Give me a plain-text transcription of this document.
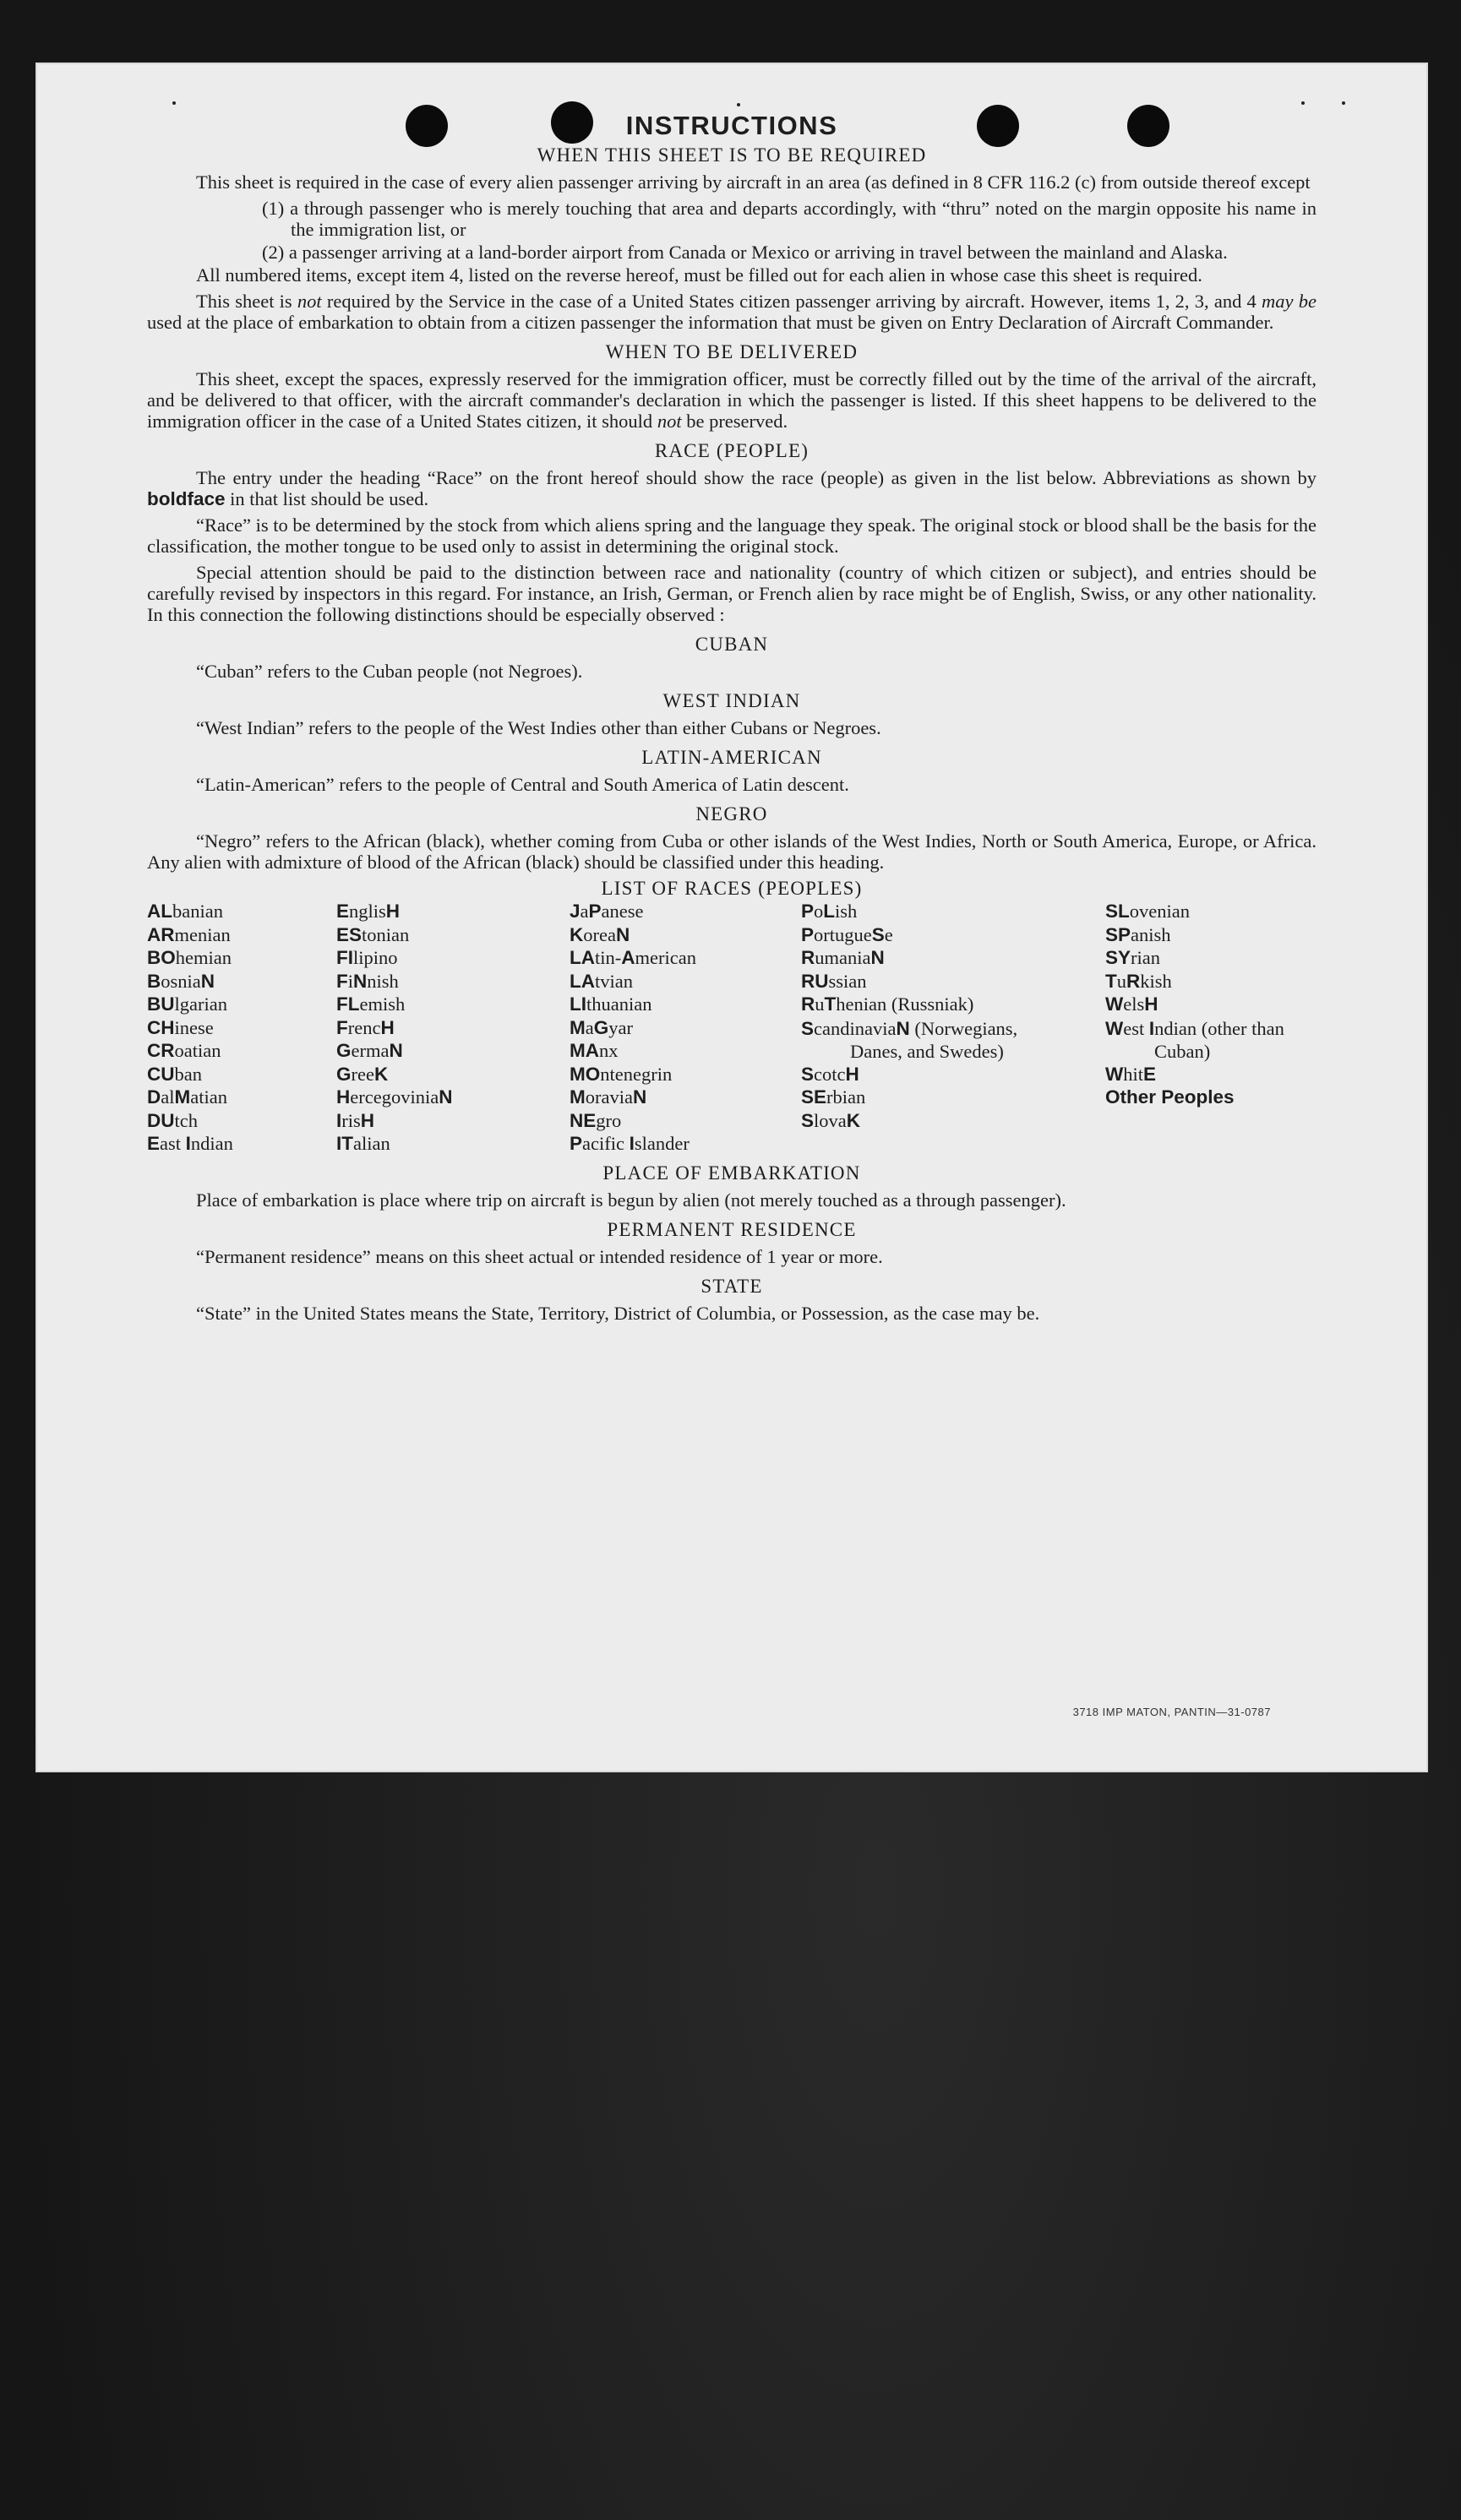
INSTRUCTIONS
WHEN THIS SHEET IS TO BE REQUIRED

This sheet is required in the case of every alien passenger arriving by aircraft in an area (as defined in 8 CFR 116.2 (c) from outside thereof except

(1) a through passenger who is merely touching that area and departs accordingly, with “thru” noted on the margin opposite his name in the immigration list, or

(2) a passenger arriving at a land-border airport from Canada or Mexico or arriving in travel between the mainland and Alaska.

All numbered items, except item 4, listed on the reverse hereof, must be filled out for each alien in whose case this sheet is required.

This sheet is not required by the Service in the case of a United States citizen passenger arriving by aircraft. However, items 1, 2, 3, and 4 may be used at the place of embarkation to obtain from a citizen passenger the information that must be given on Entry Declaration of Aircraft Commander.

WHEN TO BE DELIVERED

This sheet, except the spaces, expressly reserved for the immigration officer, must be correctly filled out by the time of the arrival of the aircraft, and be delivered to that officer, with the aircraft commander's declaration in which the passenger is listed. If this sheet happens to be delivered to the immigration officer in the case of a United States citizen, it should not be preserved.

RACE (PEOPLE)

The entry under the heading “Race” on the front hereof should show the race (people) as given in the list below. Abbreviations as shown by boldface in that list should be used.

“Race” is to be determined by the stock from which aliens spring and the language they speak. The original stock or blood shall be the basis for the classification, the mother tongue to be used only to assist in determining the original stock.

Special attention should be paid to the distinction between race and nationality (country of which citizen or subject), and entries should be carefully revised by inspectors in this regard. For instance, an Irish, German, or French alien by race might be of English, Swiss, or any other nationality. In this connection the following distinctions should be especially observed :

CUBAN

“Cuban” refers to the Cuban people (not Negroes).

WEST INDIAN

“West Indian” refers to the people of the West Indies other than either Cubans or Negroes.

LATIN-AMERICAN

“Latin-American” refers to the people of Central and South America of Latin descent.

NEGRO

“Negro” refers to the African (black), whether coming from Cuba or other islands of the West Indies, North or South America, Europe, or Africa. Any alien with admixture of blood of the African (black) should be classified under this heading.

LIST OF RACES (PEOPLES)
ALbanian
ARmenian
BOhemian
BosniaN
BUlgarian
CHinese
CRoatian
CUban
DalMatian
DUtch
East Indian
EnglisH
EStonian
FIlipino
FiNnish
FLemish
FrencH
GermaN
GreeK
HercegoviniaN
IrisH
ITalian
JaPanese
KoreaN
LAtin-American
LAtvian
LIthuanian
MaGyar
MAnx
MOntenegrin
MoraviaN
NEgro
Pacific Islander
PoLish
PortugueSe
RumaniaN
RUssian
RuThenian (Russniak)
ScandinaviaN (Norwegians, Danes, and Swedes)
ScotcH
SErbian
SlovaK
SLovenian
SPanish
SYrian
TuRkish
WelsH
West Indian (other than Cuban)
WhitE
Other Peoples
PLACE OF EMBARKATION

Place of embarkation is place where trip on aircraft is begun by alien (not merely touched as a through passenger).

PERMANENT RESIDENCE

“Permanent residence” means on this sheet actual or intended residence of 1 year or more.

STATE

“State” in the United States means the State, Territory, District of Columbia, or Possession, as the case may be.

3718 IMP MATON, PANTIN—31-0787
